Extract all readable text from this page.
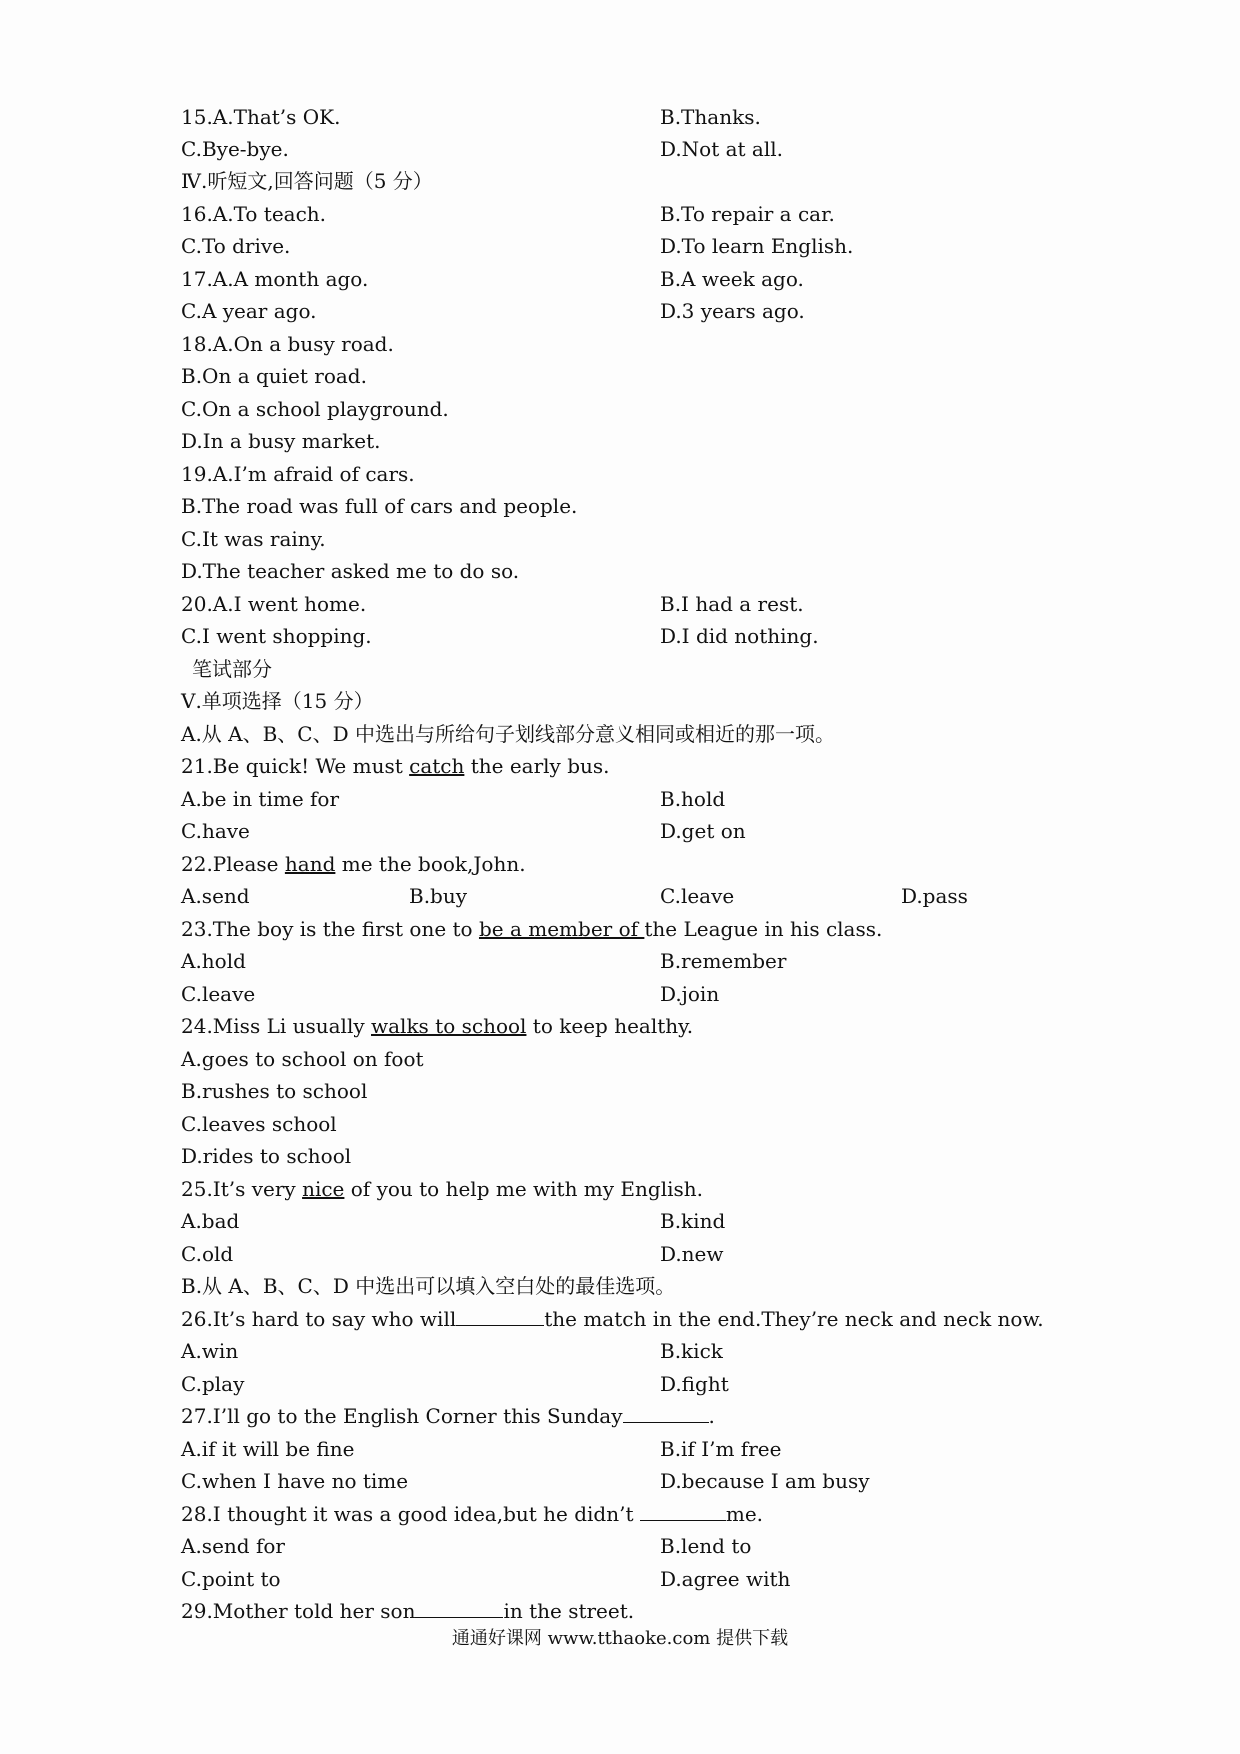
15.A.That’s OK.	B.Thanks.
C.Bye-bye.	D.Not at all.
Ⅳ.听短文,回答问题（5 分）
16.A.To teach.	B.To repair a car.
C.To drive.	D.To learn English.
17.A.A month ago.	B.A week ago.
C.A year ago.	D.3 years ago.
18.A.On a busy road.
B.On a quiet road.
C.On a school playground.
D.In a busy market.
19.A.I’m afraid of cars.
B.The road was full of cars and people.
C.It was rainy.
D.The teacher asked me to do so.
20.A.I went home.	B.I had a rest.
C.I went shopping.	D.I did nothing.
笔试部分
Ⅴ.单项选择（15 分）
A.从 A、B、C、D 中选出与所给句子划线部分意义相同或相近的那一项。
21.Be quick! We must catch the early bus.
A.be in time for	B.hold
C.have	D.get on
22.Please hand me the book,John.
A.send	B.buy	C.leave	D.pass
23.The boy is the first one to be a member of the League in his class.
A.hold	B.remember
C.leave	D.join
24.Miss Li usually walks to school to keep healthy.
A.goes to school on foot
B.rushes to school
C.leaves school
D.rides to school
25.It’s very nice of you to help me with my English.
A.bad	B.kind
C.old	D.new
B.从 A、B、C、D 中选出可以填入空白处的最佳选项。
26.It’s hard to say who will	the match in the end.They’re neck and neck now.
A.win	B.kick
C.play	D.fight
27.I’ll go to the English Corner this Sunday	.
A.if it will be fine	B.if I’m free
C.when I have no time	D.because I am busy
28.I thought it was a good idea,but he didn’t	me.
A.send for	B.lend to
C.point to	D.agree with
29.Mother told her son	in the street.
通通好课网 www.tthaoke.com 提供下载
